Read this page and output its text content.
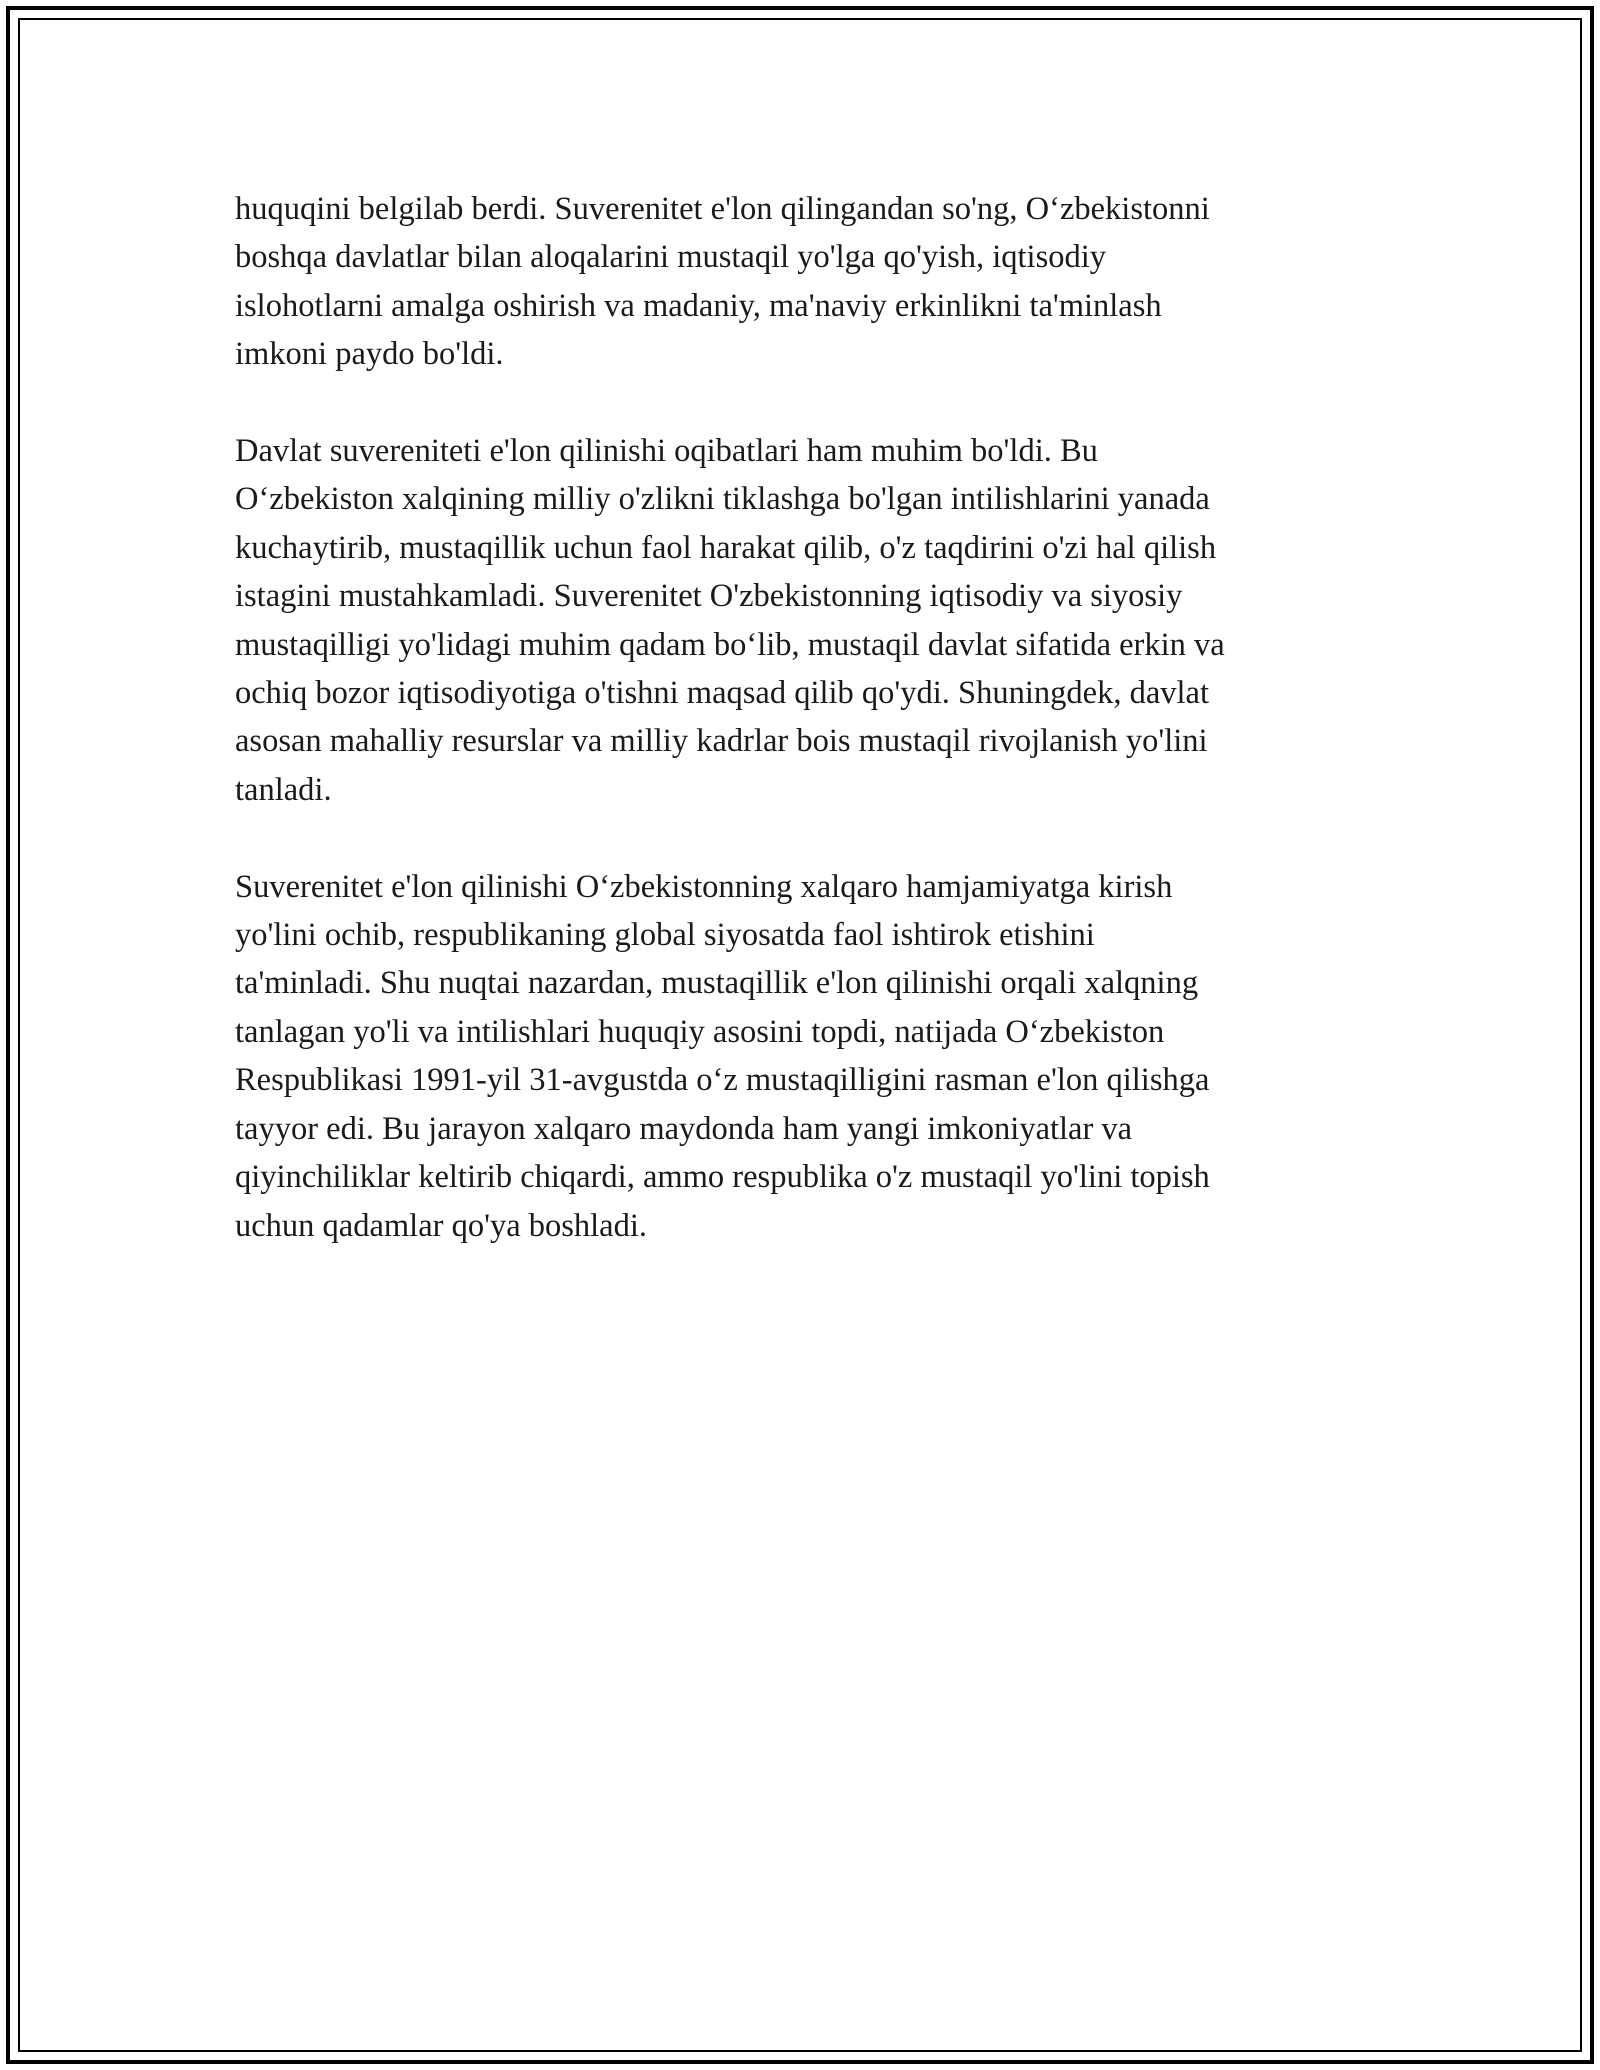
huquqini belgilab berdi. Suverenitet e'lon qilingandan so'ng, O‘zbekistonni
boshqa davlatlar bilan aloqalarini mustaqil yo'lga qo'yish, iqtisodiy
islohotlarni amalga oshirish va madaniy, ma'naviy erkinlikni ta'minlash
imkoni paydo bo'ldi.

Davlat suvereniteti e'lon qilinishi oqibatlari ham muhim bo'ldi. Bu
O‘zbekiston xalqining milliy o'zlikni tiklashga bo'lgan intilishlarini yanada
kuchaytirib, mustaqillik uchun faol harakat qilib, o'z taqdirini o'zi hal qilish
istagini mustahkamladi. Suverenitet O'zbekistonning iqtisodiy va siyosiy
mustaqilligi yo'lidagi muhim qadam bo‘lib, mustaqil davlat sifatida erkin va
ochiq bozor iqtisodiyotiga o'tishni maqsad qilib qo'ydi. Shuningdek, davlat
asosan mahalliy resurslar va milliy kadrlar bois mustaqil rivojlanish yo'lini
tanladi.

Suverenitet e'lon qilinishi O‘zbekistonning xalqaro hamjamiyatga kirish
yo'lini ochib, respublikaning global siyosatda faol ishtirok etishini
ta'minladi. Shu nuqtai nazardan, mustaqillik e'lon qilinishi orqali xalqning
tanlagan yo'li va intilishlari huquqiy asosini topdi, natijada O‘zbekiston
Respublikasi 1991-yil 31-avgustda o‘z mustaqilligini rasman e'lon qilishga
tayyor edi. Bu jarayon xalqaro maydonda ham yangi imkoniyatlar va
qiyinchiliklar keltirib chiqardi, ammo respublika o'z mustaqil yo'lini topish
uchun qadamlar qo'ya boshladi.
